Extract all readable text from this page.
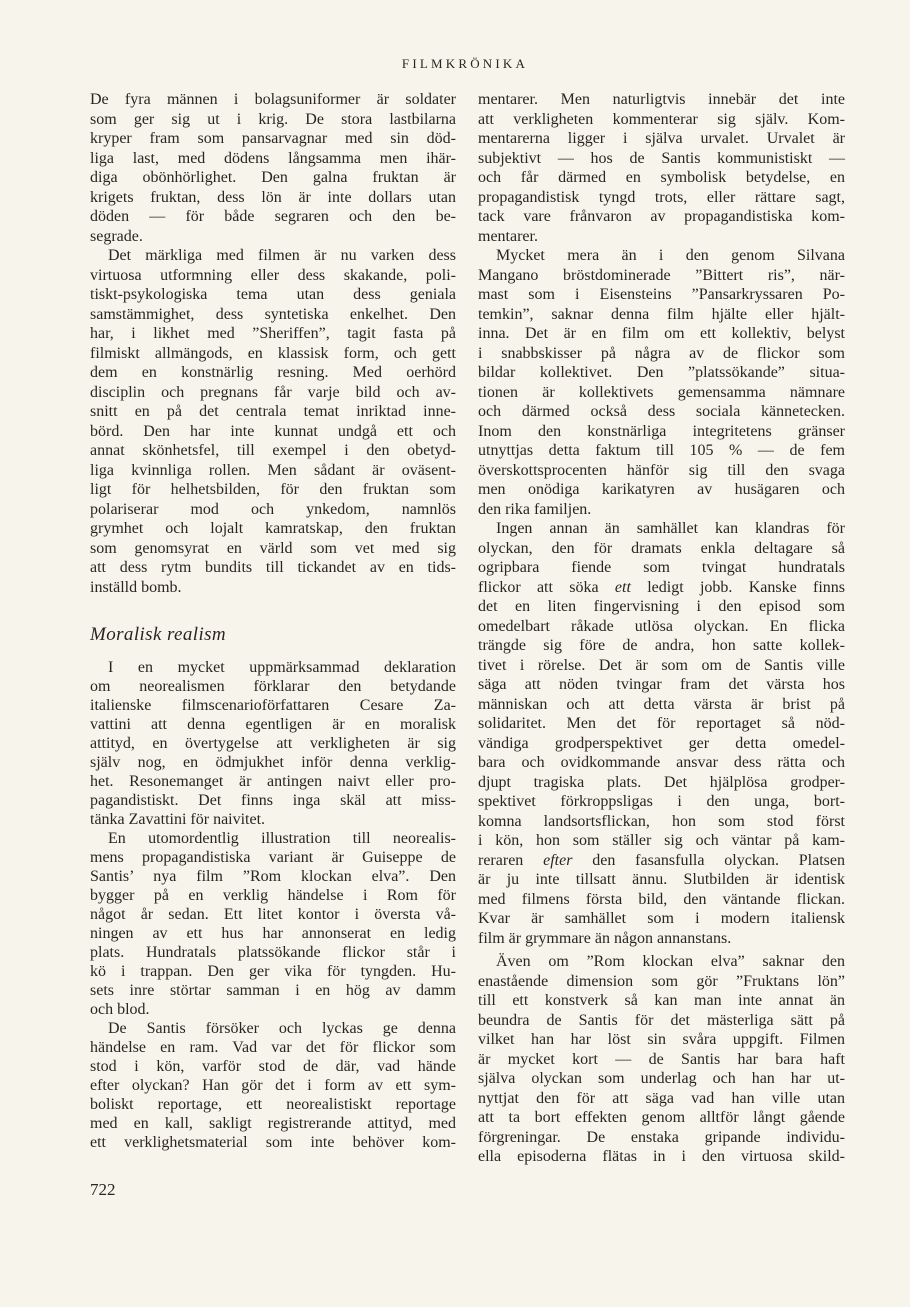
FILMKRÖNIKA
De fyra männen i bolagsuniformer är soldater
som ger sig ut i krig. De stora lastbilarna
kryper fram som pansarvagnar med sin död-
liga last, med dödens långsamma men ihär-
diga obönhörlighet. Den galna fruktan är
krigets fruktan, dess lön är inte dollars utan
döden — för både segraren och den be-
segrade.
Det märkliga med filmen är nu varken dess
virtuosa utformning eller dess skakande, poli-
tiskt-psykologiska tema utan dess geniala
samstämmighet, dess syntetiska enkelhet. Den
har, i likhet med ”Sheriffen”, tagit fasta på
filmiskt allmängods, en klassisk form, och gett
dem en konstnärlig resning. Med oerhörd
disciplin och pregnans får varje bild och av-
snitt en på det centrala temat inriktad inne-
börd. Den har inte kunnat undgå ett och
annat skönhetsfel, till exempel i den obetyd-
liga kvinnliga rollen. Men sådant är oväsent-
ligt för helhetsbilden, för den fruktan som
polariserar mod och ynkedom, namnlös
grymhet och lojalt kamratskap, den fruktan
som genomsyrat en värld som vet med sig
att dess rytm bundits till tickandet av en tids-
inställd bomb.
Moralisk realism
I en mycket uppmärksammad deklaration
om neorealismen förklarar den betydande
italienske filmscenarioförfattaren Cesare Za-
vattini att denna egentligen är en moralisk
attityd, en övertygelse att verkligheten är sig
själv nog, en ödmjukhet inför denna verklig-
het. Resonemanget är antingen naivt eller pro-
pagandistiskt. Det finns inga skäl att miss-
tänka Zavattini för naivitet.
En utomordentlig illustration till neorealis-
mens propagandistiska variant är Guiseppe de
Santis’ nya film ”Rom klockan elva”. Den
bygger på en verklig händelse i Rom för
något år sedan. Ett litet kontor i översta vå-
ningen av ett hus har annonserat en ledig
plats. Hundratals platssökande flickor står i
kö i trappan. Den ger vika för tyngden. Hu-
sets inre störtar samman i en hög av damm
och blod.
De Santis försöker och lyckas ge denna
händelse en ram. Vad var det för flickor som
stod i kön, varför stod de där, vad hände
efter olyckan? Han gör det i form av ett sym-
boliskt reportage, ett neorealistiskt reportage
med en kall, sakligt registrerande attityd, med
ett verklighetsmaterial som inte behöver kom-
mentarer. Men naturligtvis innebär det inte
att verkligheten kommenterar sig själv. Kom-
mentarerna ligger i själva urvalet. Urvalet är
subjektivt — hos de Santis kommunistiskt —
och får därmed en symbolisk betydelse, en
propagandistisk tyngd trots, eller rättare sagt,
tack vare frånvaron av propagandistiska kom-
mentarer.
Mycket mera än i den genom Silvana
Mangano bröstdominerade ”Bittert ris”, när-
mast som i Eisensteins ”Pansarkryssaren Po-
temkin”, saknar denna film hjälte eller hjält-
inna. Det är en film om ett kollektiv, belyst
i snabbskisser på några av de flickor som
bildar kollektivet. Den ”platssökande” situa-
tionen är kollektivets gemensamma nämnare
och därmed också dess sociala kännetecken.
Inom den konstnärliga integritetens gränser
utnyttjas detta faktum till 105 % — de fem
överskottsprocenten hänför sig till den svaga
men onödiga karikatyren av husägaren och
den rika familjen.
Ingen annan än samhället kan klandras för
olyckan, den för dramats enkla deltagare så
ogripbara fiende som tvingat hundratals
flickor att söka ett ledigt jobb. Kanske finns
det en liten fingervisning i den episod som
omedelbart råkade utlösa olyckan. En flicka
trängde sig före de andra, hon satte kollek-
tivet i rörelse. Det är som om de Santis ville
säga att nöden tvingar fram det värsta hos
människan och att detta värsta är brist på
solidaritet. Men det för reportaget så nöd-
vändiga grodperspektivet ger detta omedel-
bara och ovidkommande ansvar dess rätta och
djupt tragiska plats. Det hjälplösa grodper-
spektivet förkroppsligas i den unga, bort-
komna landsortsflickan, hon som stod först
i kön, hon som ställer sig och väntar på kam-
reraren efter den fasansfulla olyckan. Platsen
är ju inte tillsatt ännu. Slutbilden är identisk
med filmens första bild, den väntande flickan.
Kvar är samhället som i modern italiensk
film är grymmare än någon annanstans.
Även om ”Rom klockan elva” saknar den
enastående dimension som gör ”Fruktans lön”
till ett konstverk så kan man inte annat än
beundra de Santis för det mästerliga sätt på
vilket han har löst sin svåra uppgift. Filmen
är mycket kort — de Santis har bara haft
själva olyckan som underlag och han har ut-
nyttjat den för att säga vad han ville utan
att ta bort effekten genom alltför långt gående
förgreningar. De enstaka gripande individu-
ella episoderna flätas in i den virtuosa skild-
722
